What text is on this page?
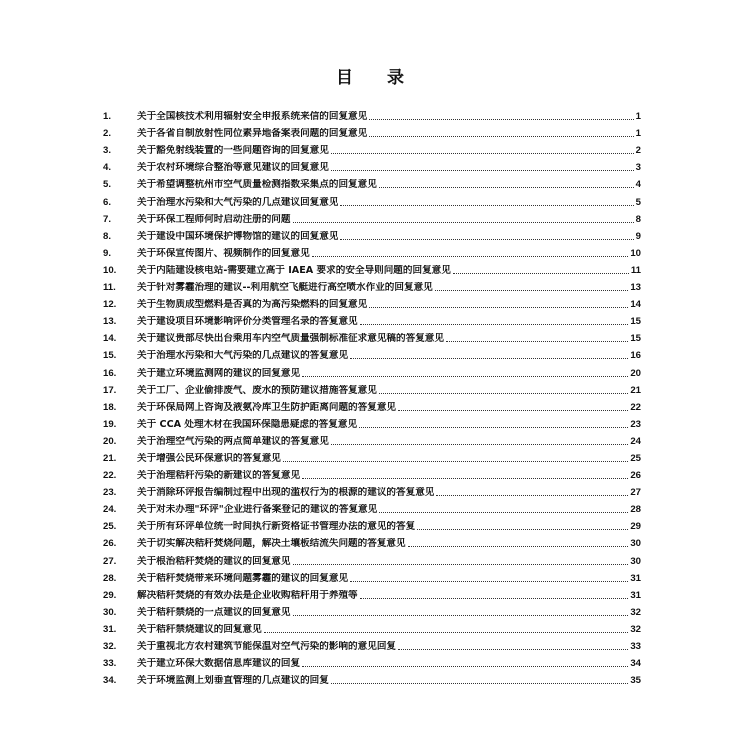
目 录
1.	关于全国核技术利用辐射安全申报系统来信的回复意见	1
2.	关于各省自制放射性同位素异地备案表问题的回复意见	1
3.	关于豁免射线装置的一些问题咨询的回复意见	2
4.	关于农村环境综合整治等意见建议的回复意见	3
5.	关于希望调整杭州市空气质量检测指数采集点的回复意见	4
6.	关于治理水污染和大气污染的几点建议回复意见	5
7.	关于环保工程师何时启动注册的问题	8
8.	关于建设中国环境保护博物馆的建议的回复意见	9
9.	关于环保宣传图片、视频制作的回复意见	10
10.	关于内陆建设核电站-需要建立高于 IAEA 要求的安全导则问题的回复意见	11
11.	关于针对雾霾治理的建议--利用航空飞艇进行高空喷水作业的回复意见	13
12.	关于生物质成型燃料是否真的为高污染燃料的回复意见	14
13.	关于建设项目环境影响评价分类管理名录的答复意见	15
14.	关于建议贵部尽快出台乘用车内空气质量强制标准征求意见稿的答复意见	15
15.	关于治理水污染和大气污染的几点建议的答复意见	16
16.	关于建立环境监测网的建议的回复意见	20
17.	关于工厂、企业偷排废气、废水的预防建议措施答复意见	21
18.	关于环保局网上咨询及液氨冷库卫生防护距离问题的答复意见	22
19.	关于 CCA 处理木材在我国环保隐患疑虑的答复意见	23
20.	关于治理空气污染的两点简单建议的答复意见	24
21.	关于增强公民环保意识的答复意见	25
22.	关于治理秸秆污染的新建议的答复意见	26
23.	关于消除环评报告编制过程中出现的滥权行为的根源的建议的答复意见	27
24.	关于对未办理"环评"企业进行备案登记的建议的答复意见	28
25.	关于所有环评单位统一时间执行新资格证书管理办法的意见的答复	29
26.	关于切实解决秸秆焚烧问题，解决土壤板结流失问题的答复意见	30
27.	关于根治秸秆焚烧的建议的回复意见	30
28.	关于秸秆焚烧带来环境问题雾霾的建议的回复意见	31
29.	解决秸秆焚烧的有效办法是企业收购秸秆用于养殖等	31
30.	关于秸秆禁烧的一点建议的回复意见	32
31.	关于秸秆禁烧建议的回复意见	32
32.	关于重视北方农村建筑节能保温对空气污染的影响的意见回复	33
33.	关于建立环保大数据信息库建议的回复	34
34.	关于环境监测上划垂直管理的几点建议的回复	35
